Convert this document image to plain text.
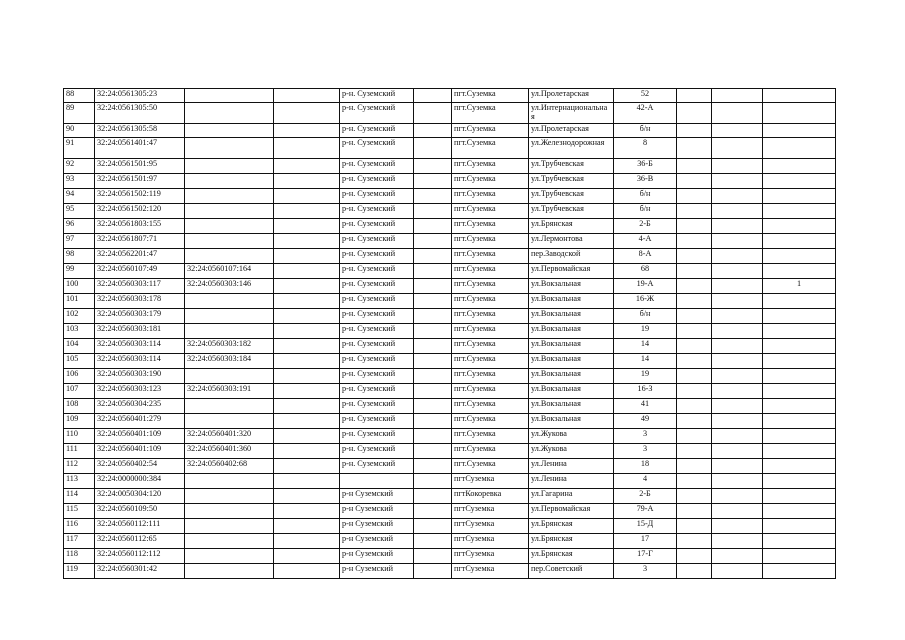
88	32:24:0561305:23			р-н. Суземский		пгт.Суземка	ул.Пролетарская	52			
89	32:24:0561305:50			р-н. Суземский		пгт.Суземка	ул.Интернациональная	42-А			
90	32:24:0561305:58			р-н. Суземский		пгт.Суземка	ул.Пролетарская	б/н			
91	32:24:0561401:47			р-н. Суземский		пгт.Суземка	ул.Железнодорожная	8			
92	32:24:0561501:95			р-н. Суземский		пгт.Суземка	ул.Трубчевская	36-Б			
93	32:24:0561501:97			р-н. Суземский		пгт.Суземка	ул.Трубчевская	36-В			
94	32:24:0561502:119			р-н. Суземский		пгт.Суземка	ул.Трубчевская	б/н			
95	32:24:0561502:120			р-н. Суземский		пгт.Суземка	ул.Трубчевская	б/н			
96	32:24:0561803:155			р-н. Суземский		пгт.Суземка	ул.Брянская	2-Б			
97	32:24:0561807:71			р-н. Суземский		пгт.Суземка	ул.Лермонтова	4-А			
98	32:24:0562201:47			р-н. Суземский		пгт.Суземка	пер.Заводской	8-А			
99	32:24:0560107:49	32:24:0560107:164		р-н. Суземский		пгт.Суземка	ул.Первомайская	68			
100	32:24:0560303:117	32:24:0560303:146		р-н. Суземский		пгт.Суземка	ул.Вокзальная	19-А			1
101	32:24:0560303:178			р-н. Суземский		пгт.Суземка	ул.Вокзальная	16-Ж			
102	32:24:0560303:179			р-н. Суземский		пгт.Суземка	ул.Вокзальная	б/н			
103	32:24:0560303:181			р-н. Суземский		пгт.Суземка	ул.Вокзальная	19			
104	32:24:0560303:114	32:24:0560303:182		р-н. Суземский		пгт.Суземка	ул.Вокзальная	14			
105	32:24:0560303:114	32:24:0560303:184		р-н. Суземский		пгт.Суземка	ул.Вокзальная	14			
106	32:24:0560303:190			р-н. Суземский		пгт.Суземка	ул.Вокзальная	19			
107	32:24:0560303:123	32:24:0560303:191		р-н. Суземский		пгт.Суземка	ул.Вокзальная	16-З			
108	32:24:0560304:235			р-н. Суземский		пгт.Суземка	ул.Вокзальная	41			
109	32:24:0560401:279			р-н. Суземский		пгт.Суземка	ул.Вокзальная	49			
110	32:24:0560401:109	32:24:0560401:320		р-н. Суземский		пгт.Суземка	ул.Жукова	3			
111	32:24:0560401:109	32:24:0560401:360		р-н. Суземский		пгт.Суземка	ул.Жукова	3			
112	32:24:0560402:54	32:24:0560402:68		р-н. Суземский		пгт.Суземка	ул.Ленина	18			
113	32:24:0000000:384					пгтСуземка	ул.Ленина	4			
114	32:24:0050304:120			р-н Суземский		пгтКокоревка	ул.Гагарина	2-Б			
115	32:24:0560109:50			р-н Суземский		пгтСуземка	ул.Первомайская	79-А			
116	32:24:0560112:111			р-н Суземский		пгтСуземка	ул.Брянская	15-Д			
117	32:24:0560112:65			р-н Суземский		пгтСуземка	ул.Брянская	17			
118	32:24:0560112:112			р-н Суземский		пгтСуземка	ул.Брянская	17-Г			
119	32:24:0560301:42			р-н Суземский		пгтСуземка	пер.Советский	3			
